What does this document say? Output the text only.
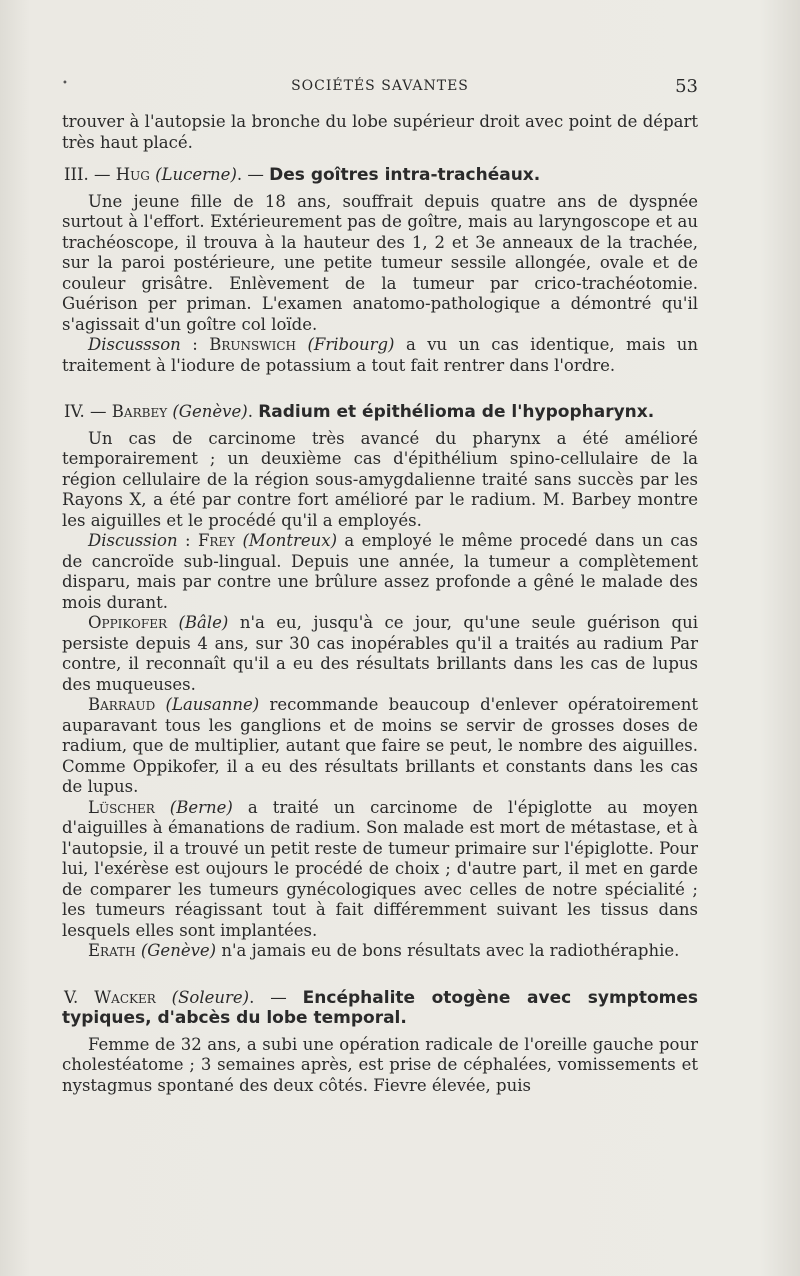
•	SOCIÉTÉS SAVANTES	53

trouver à l'autopsie la bronche du lobe supérieur droit avec point de départ très haut placé.

III. — Hug (Lucerne). — Des goîtres intra-trachéaux.

Une jeune fille de 18 ans, souffrait depuis quatre ans de dyspnée surtout à l'effort. Extérieurement pas de goître, mais au laryngoscope et au trachéoscope, il trouva à la hauteur des 1, 2 et 3e anneaux de la trachée, sur la paroi postérieure, une petite tumeur sessile allongée, ovale et de couleur grisâtre. Enlèvement de la tumeur par crico-trachéotomie. Guérison per priman. L'examen anatomo-pathologique a démontré qu'il s'agissait d'un goître col loïde.

Discussson : Brunswich (Fribourg) a vu un cas identique, mais un traitement à l'iodure de potassium a tout fait rentrer dans l'ordre.

IV. — Barbey (Genève). Radium et épithélioma de l'hypopharynx.

Un cas de carcinome très avancé du pharynx a été amélioré temporairement ; un deuxième cas d'épithélium spino-cellulaire de la région cellulaire de la région sous-amygdalienne traité sans succès par les Rayons X, a été par contre fort amélioré par le radium. M. Barbey montre les aiguilles et le procédé qu'il a employés.

Discussion : Frey (Montreux) a employé le même procedé dans un cas de cancroïde sub-lingual. Depuis une année, la tumeur a complètement disparu, mais par contre une brûlure assez profonde a gêné le malade des mois durant.

Oppikofer (Bâle) n'a eu, jusqu'à ce jour, qu'une seule guérison qui persiste depuis 4 ans, sur 30 cas inopérables qu'il a traités au radium Par contre, il reconnaît qu'il a eu des résultats brillants dans les cas de lupus des muqueuses.

Barraud (Lausanne) recommande beaucoup d'enlever opératoirement auparavant tous les ganglions et de moins se servir de grosses doses de radium, que de multiplier, autant que faire se peut, le nombre des aiguilles. Comme Oppikofer, il a eu des résultats brillants et constants dans les cas de lupus.

Lüscher (Berne) a traité un carcinome de l'épiglotte au moyen d'aiguilles à émanations de radium. Son malade est mort de métastase, et à l'autopsie, il a trouvé un petit reste de tumeur primaire sur l'épiglotte. Pour lui, l'exérèse est oujours le procédé de choix ; d'autre part, il met en garde de comparer les tumeurs gynécologiques avec celles de notre spécialité ; les tumeurs réagissant tout à fait différemment suivant les tissus dans lesquels elles sont implantées.

Erath (Genève) n'a jamais eu de bons résultats avec la radiothéraphie.

V. Wacker (Soleure). — Encéphalite otogène avec symptomes typiques, d'abcès du lobe temporal.

Femme de 32 ans, a subi une opération radicale de l'oreille gauche pour cholestéatome ; 3 semaines après, est prise de céphalées, vomissements et nystagmus spontané des deux côtés. Fievre élevée, puis
